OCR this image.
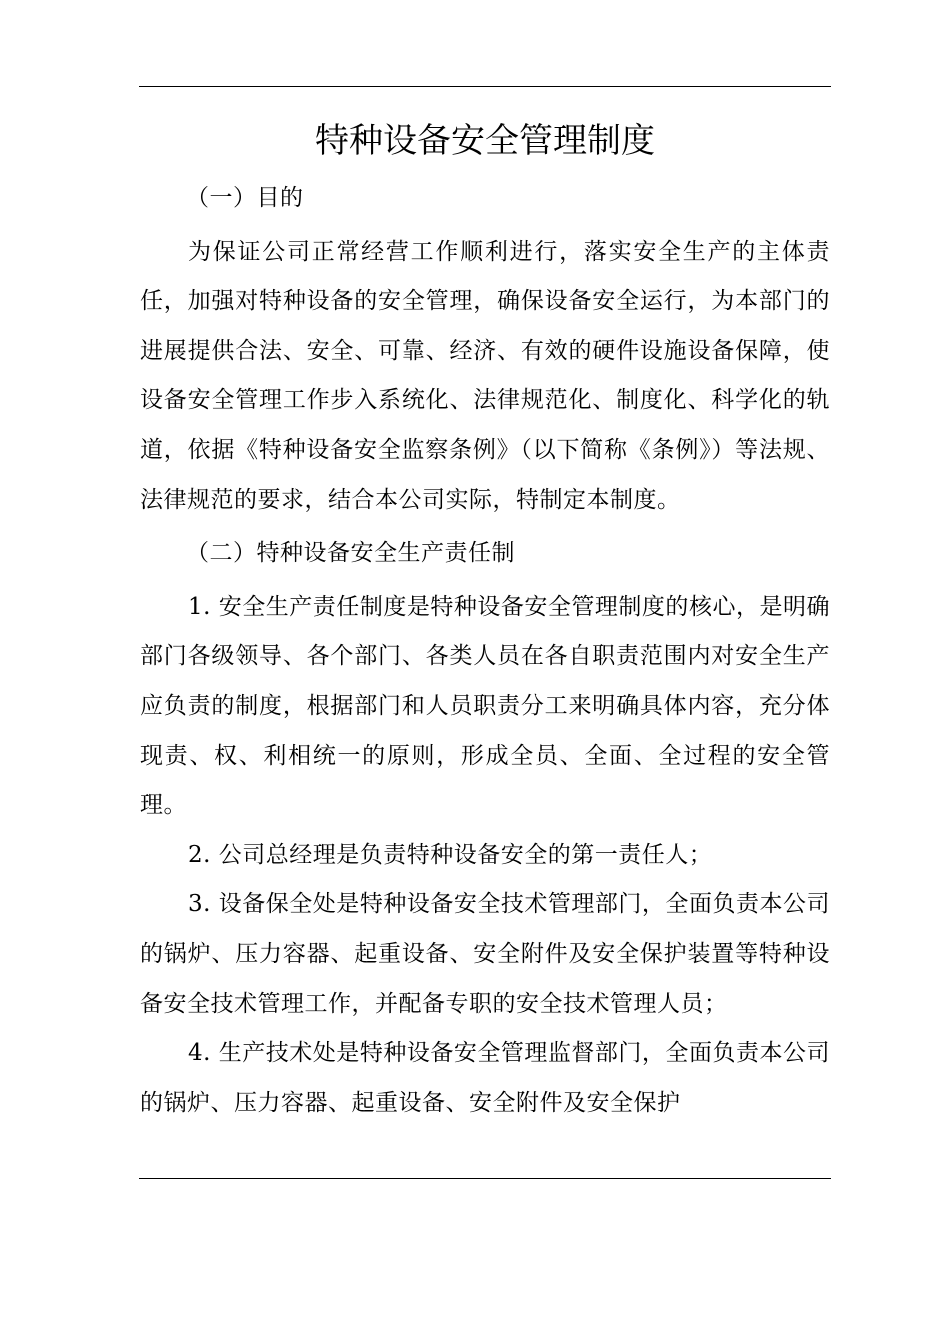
特种设备安全管理制度

（一）目的

为保证公司正常经营工作顺利进行，落实安全生产的主体责任，加强对特种设备的安全管理，确保设备安全运行，为本部门的进展提供合法、安全、可靠、经济、有效的硬件设施设备保障，使设备安全管理工作步入系统化、法律规范化、制度化、科学化的轨道，依据《特种设备安全监察条例》（以下简称《条例》）等法规、法律规范的要求，结合本公司实际，特制定本制度。

（二）特种设备安全生产责任制

1. 安全生产责任制度是特种设备安全管理制度的核心，是明确部门各级领导、各个部门、各类人员在各自职责范围内对安全生产应负责的制度，根据部门和人员职责分工来明确具体内容，充分体现责、权、利相统一的原则，形成全员、全面、全过程的安全管理。

2. 公司总经理是负责特种设备安全的第一责任人；

3. 设备保全处是特种设备安全技术管理部门，全面负责本公司的锅炉、压力容器、起重设备、安全附件及安全保护装置等特种设备安全技术管理工作，并配备专职的安全技术管理人员；

4. 生产技术处是特种设备安全管理监督部门，全面负责本公司的锅炉、压力容器、起重设备、安全附件及安全保护
